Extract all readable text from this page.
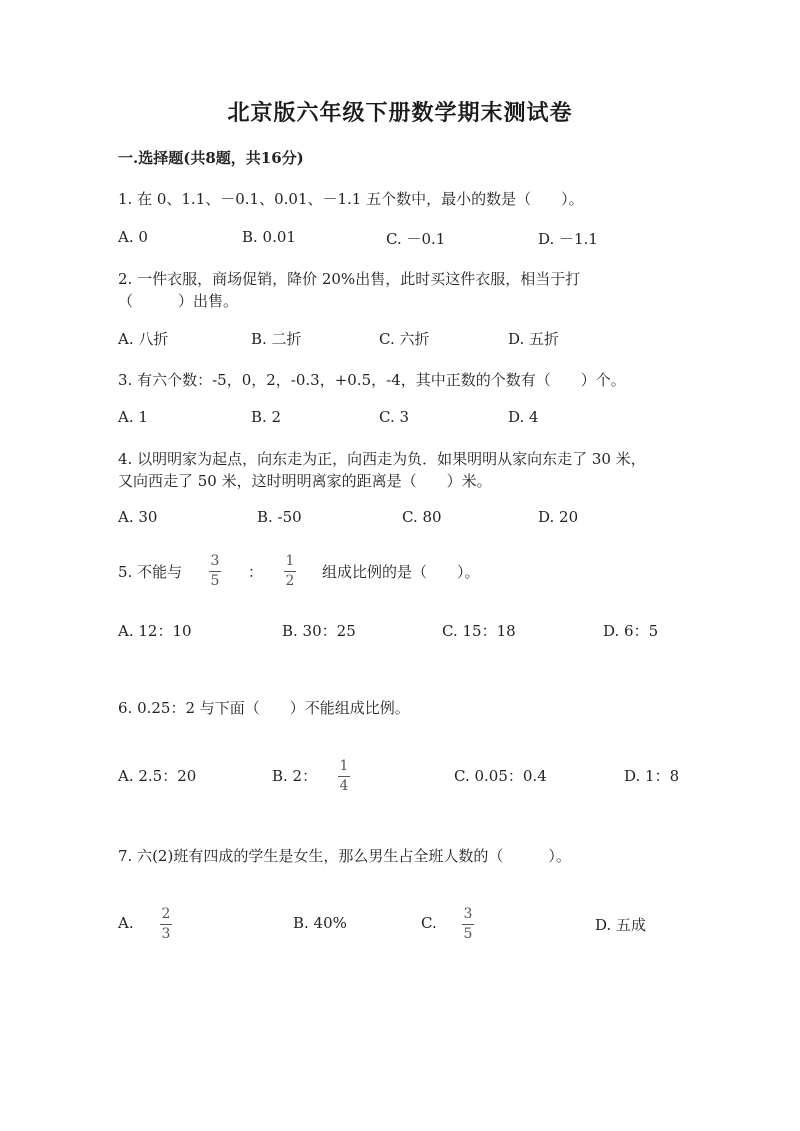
北京版六年级下册数学期末测试卷
一.选择题(共8题，共16分)
1. 在 0、1.1、－0.1、0.01、－1.1 五个数中，最小的数是（　　）。
A. 0	B. 0.01	C. －0.1	D. －1.1
2. 一件衣服，商场促销，降价 20%出售，此时买这件衣服，相当于打
（　　　）出售。
A. 八折	B. 二折	C. 六折	D. 五折
3. 有六个数：-5，0，2，-0.3，+0.5，-4，其中正数的个数有（　　）个。
A. 1	B. 2	C. 3	D. 4
4. 以明明家为起点，向东走为正，向西走为负．如果明明从家向东走了 30 米，
又向西走了 50 米，这时明明离家的距离是（　　）米。
A. 30	B. -50	C. 80	D. 20
5. 不能与
3
5 ：
1
2 组成比例的是（　　）。
A. 12：10	B. 30：25	C. 15：18	D. 6：5
6. 0.25：2 与下面（　　）不能组成比例。
A. 2.5：20	B. 2：
1
4
C. 0.05：0.4	D. 1：8
7. 六(2)班有四成的学生是女生，那么男生占全班人数的（　　　）。
A. 2
3
B. 40%	C. 3
5	D. 五成
